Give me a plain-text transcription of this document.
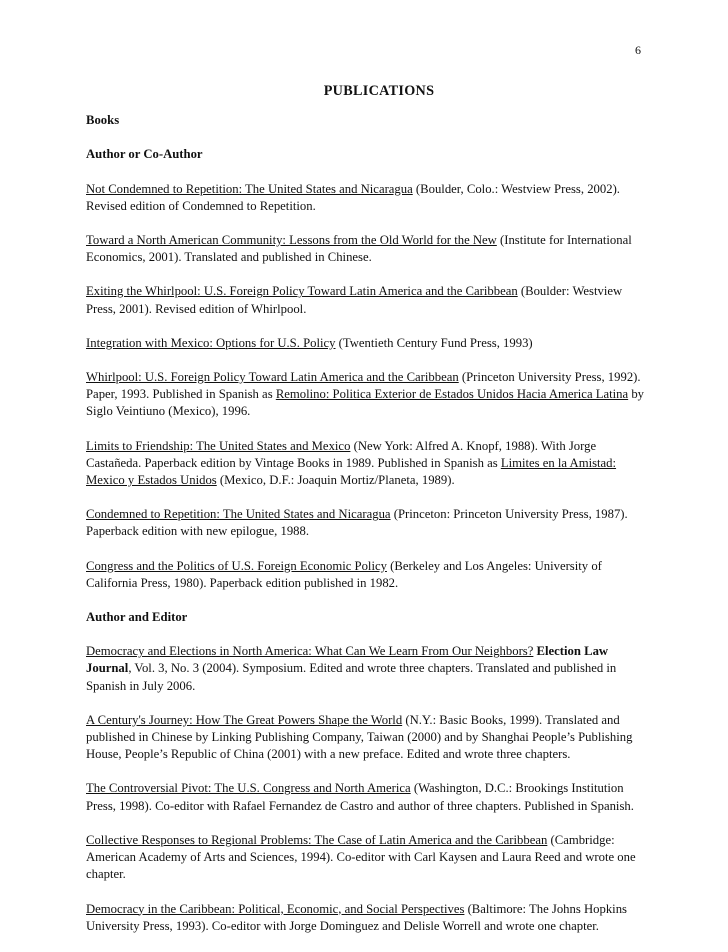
6
PUBLICATIONS
Books
Author or Co-Author
Not Condemned to Repetition: The United States and Nicaragua (Boulder, Colo.: Westview Press, 2002). Revised edition of Condemned to Repetition.
Toward a North American Community: Lessons from the Old World for the New (Institute for International Economics, 2001). Translated and published in Chinese.
Exiting the Whirlpool: U.S. Foreign Policy Toward Latin America and the Caribbean (Boulder: Westview Press, 2001). Revised edition of Whirlpool.
Integration with Mexico: Options for U.S. Policy (Twentieth Century Fund Press, 1993)
Whirlpool: U.S. Foreign Policy Toward Latin America and the Caribbean (Princeton University Press, 1992). Paper, 1993. Published in Spanish as Remolino: Politica Exterior de Estados Unidos Hacia America Latina by Siglo Veintiuno (Mexico), 1996.
Limits to Friendship: The United States and Mexico (New York: Alfred A. Knopf, 1988). With Jorge Castañeda. Paperback edition by Vintage Books in 1989. Published in Spanish as Limites en la Amistad: Mexico y Estados Unidos (Mexico, D.F.: Joaquin Mortiz/Planeta, 1989).
Condemned to Repetition: The United States and Nicaragua (Princeton: Princeton University Press, 1987). Paperback edition with new epilogue, 1988.
Congress and the Politics of U.S. Foreign Economic Policy (Berkeley and Los Angeles: University of California Press, 1980). Paperback edition published in 1982.
Author and Editor
Democracy and Elections in North America: What Can We Learn From Our Neighbors? Election Law Journal, Vol. 3, No. 3 (2004). Symposium. Edited and wrote three chapters. Translated and published in Spanish in July 2006.
A Century's Journey: How The Great Powers Shape the World (N.Y.: Basic Books, 1999). Translated and published in Chinese by Linking Publishing Company, Taiwan (2000) and by Shanghai People’s Publishing House, People’s Republic of China (2001) with a new preface. Edited and wrote three chapters.
The Controversial Pivot: The U.S. Congress and North America (Washington, D.C.: Brookings Institution Press, 1998). Co-editor with Rafael Fernandez de Castro and author of three chapters. Published in Spanish.
Collective Responses to Regional Problems: The Case of Latin America and the Caribbean (Cambridge: American Academy of Arts and Sciences, 1994). Co-editor with Carl Kaysen and Laura Reed and wrote one chapter.
Democracy in the Caribbean: Political, Economic, and Social Perspectives (Baltimore: The Johns Hopkins University Press, 1993). Co-editor with Jorge Dominguez and Delisle Worrell and wrote one chapter.
